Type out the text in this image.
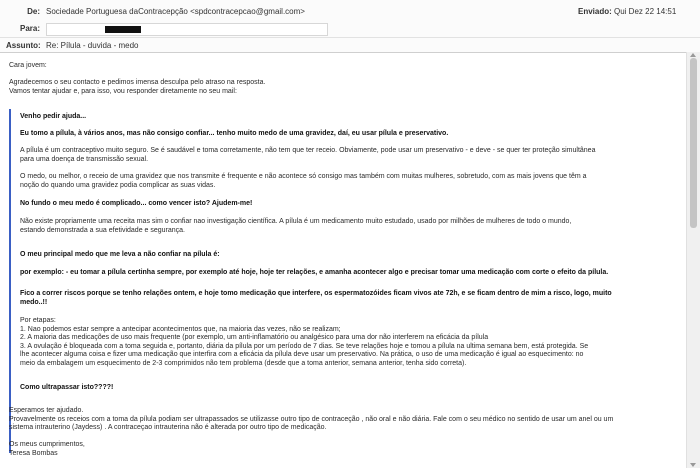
De: Sociedade Portuguesa daContracepção <spdcontracepcao@gmail.com>
Para:
Enviado: Qui Dez 22 14:51
Assunto: Re: Pílula - duvida - medo

Cara jovem:

Agradecemos o seu contacto e pedimos imensa desculpa pelo atraso na resposta.
Vamos tentar ajudar e, para isso, vou responder diretamente no seu mail:

Venho pedir ajuda...

Eu tomo a pílula, à vários anos, mas não consigo confiar... tenho muito medo de uma gravidez, daí, eu usar pílula e preservativo.

A pílula é um contraceptivo muito seguro. Se é saudável e toma corretamente, não tem que ter receio. Obviamente, pode usar um preservativo - e deve - se quer ter proteção simultânea
para uma doença de transmissão sexual.

O medo, ou melhor, o receio de uma gravidez que nos transmite é frequente e não acontece só consigo mas também com muitas mulheres, sobretudo, com as mais jovens que têm a
noção do quando uma gravidez podia complicar as suas vidas.

No fundo o meu medo é complicado... como vencer isto? Ajudem-me!

Não existe propriamente uma receita mas sim o confiar nao investigação científica. A pílula é um medicamento muito estudado, usado por milhões de mulheres de todo o mundo,
estando demonstrada a sua efetividade e segurança.

O meu principal medo que me leva a não confiar na pílula é:

por exemplo: - eu tomar a pílula certinha sempre, por exemplo até hoje, hoje ter relações, e amanha acontecer algo e precisar tomar uma medicação com corte o efeito da pílula.

Fico a correr riscos porque se tenho relações ontem, e hoje tomo medicação que interfere, os espermatozóides ficam vivos ate 72h, e se ficam dentro de mim a risco, logo, muito
medo..!!

Por etapas:
1. Nao podemos estar sempre a antecipar acontecimentos que, na maioria das vezes, não se realizam;
2. A maioria das medicações de uso mais frequente (por exemplo, um anti-inflamatório ou analgésico para uma dor não interferem na eficácia da pílula
3. A ovulação é bloqueada com a toma seguida e, portanto, diária da pílula por um período de 7 dias. Se teve relações hoje e tomou a pílula na ultima semana bem, está protegida. Se
lhe acontecer alguma coisa e fizer uma medicação que interfira com a eficácia da pílula deve usar um preservativo. Na prática, o uso de uma medicação é igual ao esquecimento: no
meio da embalagem um esquecimento de 2-3 comprimidos não tem problema (desde que a toma anterior, semana anterior, tenha sido correta).

Como ultrapassar isto????!

Esperamos ter ajudado.
Provavelmente os receios com a toma da pílula podiam ser ultrapassados se utilizasse outro tipo de contraceção , não oral e não diária. Fale com o seu médico no sentido de usar um anel ou um
sistema intrauterino (Jaydess) . A contraceçao intrauterina não é alterada por outro tipo de medicação.

Os meus cumprimentos,
Teresa Bombas
